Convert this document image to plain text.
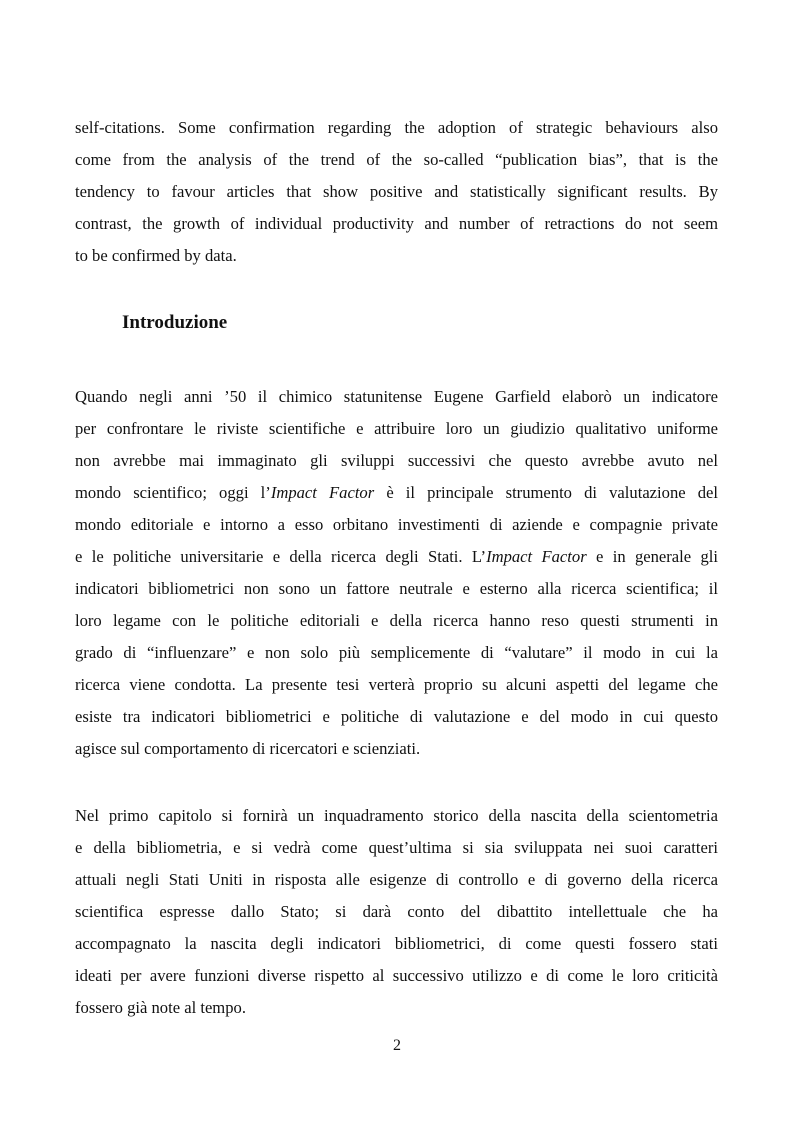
self-citations. Some confirmation regarding the adoption of strategic behaviours also
come from the analysis of the trend of the so-called “publication bias”, that is the
tendency to favour articles that show positive and statistically significant results. By
contrast, the growth of individual productivity and number of retractions do not seem
to be confirmed by data.

Introduzione

Quando negli anni ’50 il chimico statunitense Eugene Garfield elaborò un indicatore
per confrontare le riviste scientifiche e attribuire loro un giudizio qualitativo uniforme
non avrebbe mai immaginato gli sviluppi successivi che questo avrebbe avuto nel
mondo scientifico; oggi l’Impact Factor è il principale strumento di valutazione del
mondo editoriale e intorno a esso orbitano investimenti di aziende e compagnie private
e le politiche universitarie e della ricerca degli Stati. L’Impact Factor e in generale gli
indicatori bibliometrici non sono un fattore neutrale e esterno alla ricerca scientifica; il
loro legame con le politiche editoriali e della ricerca hanno reso questi strumenti in
grado di “influenzare” e non solo più semplicemente di “valutare” il modo in cui la
ricerca viene condotta. La presente tesi verterà proprio su alcuni aspetti del legame che
esiste tra indicatori bibliometrici e politiche di valutazione e del modo in cui questo
agisce sul comportamento di ricercatori e scienziati.

Nel primo capitolo si fornirà un inquadramento storico della nascita della scientometria
e della bibliometria, e si vedrà come quest’ultima si sia sviluppata nei suoi caratteri
attuali negli Stati Uniti in risposta alle esigenze di controllo e di governo della ricerca
scientifica espresse dallo Stato; si darà conto del dibattito intellettuale che ha
accompagnato la nascita degli indicatori bibliometrici, di come questi fossero stati
ideati per avere funzioni diverse rispetto al successivo utilizzo e di come le loro criticità
fossero già note al tempo.

2
